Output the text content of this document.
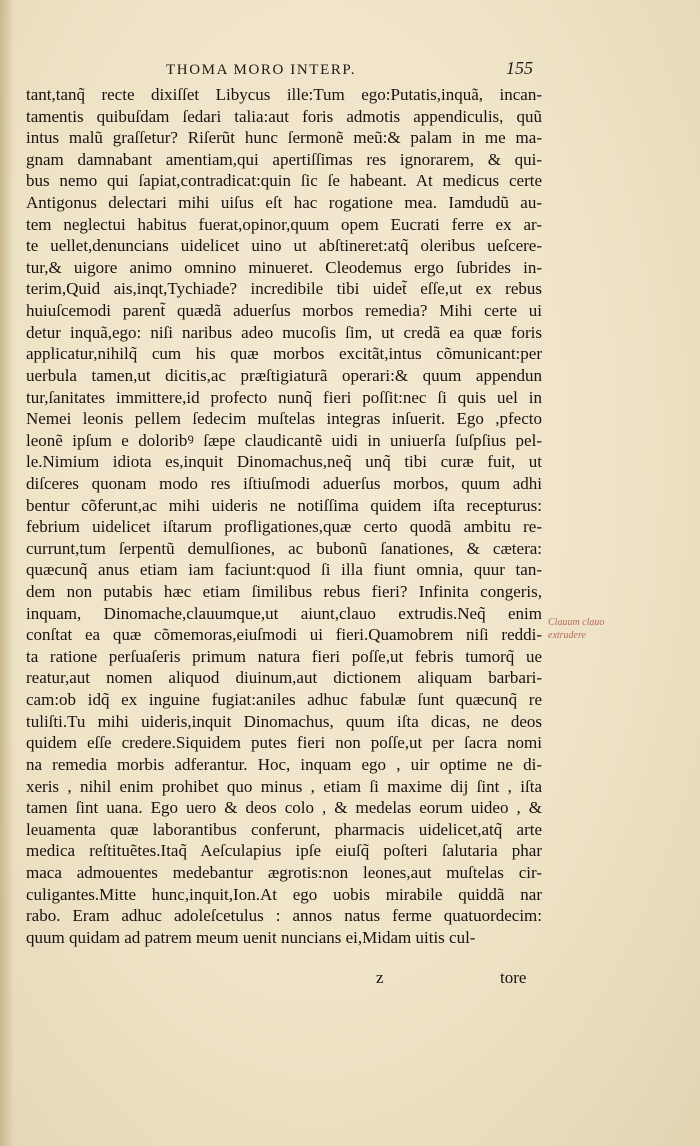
THOMA MORO INTERP.	155
tant,tanq̃ recte dixiſſet Libycus ille:Tum ego:Putatis,inquã, incan-
tamentis quibuſdam ſedari talia:aut foris admotis appendiculis, quũ
intus malũ graſſetur? Riſerũt hunc ſermonẽ meũ:& palam in me ma-
gnam damnabant amentiam,qui apertiſſimas res ignorarem, & qui-
bus nemo qui ſapiat,contradicat:quin ſic ſe habeant. At medicus certe
Antigonus delectari mihi uiſus eſt hac rogatione mea. Iamdudũ au-
tem neglectui habitus fuerat,opinor,quum opem Eucrati ferre ex ar-
te uellet,denuncians uidelicet uino ut abſtineret:atq̃ oleribus ueſcere-
tur,& uigore animo omnino minueret. Cleodemus ergo ſubrides in-
terim,Quid ais,inqt,Tychiade? incredibile tibi uidet̃ eſſe,ut ex rebus
huiuſcemodi parent̃ quædã aduerſus morbos remedia? Mihi certe ui
detur inquã,ego: niſi naribus adeo mucoſis ſim, ut credã ea quæ foris
applicatur,nihilq̃ cum his quæ morbos excitãt,intus cõmunicant:per
uerbula tamen,ut dicitis,ac præſtigiaturã operari:& quum appendun
tur,ſanitates immittere,id profecto nunq̃ fieri poſſit:nec ſi quis uel in
Nemei leonis pellem ſedecim muſtelas integras inſuerit. Ego ,pfecto
leonẽ ipſum e doloribꝰ ſæpe claudicantẽ uidi in uniuerſa ſuſpſius pel-
le.Nimium idiota es,inquit Dinomachus,neq̃ unq̃ tibi curæ fuit, ut
diſceres quonam modo res iſtiuſmodi aduerſus morbos, quum adhi
bentur cõferunt,ac mihi uideris ne notiſſima quidem iſta recepturus:
febrium uidelicet iſtarum profligationes,quæ certo quodã ambitu re-
currunt,tum ſerpentũ demulſiones, ac bubonũ ſanationes, & cætera:
quæcunq̃ anus etiam iam faciunt:quod ſi illa fiunt omnia, quur tan-
dem non putabis hæc etiam ſimilibus rebus fieri? Infinita congeris,
inquam, Dinomache,clauumque,ut aiunt,clauo extrudis.Neq̃ enim
conſtat ea quæ cõmemoras,eiuſmodi ui fieri.Quamobrem niſi reddi-
ta ratione perſuaſeris primum natura fieri poſſe,ut febris tumorq̃ ue
reatur,aut nomen aliquod diuinum,aut dictionem aliquam barbari-
cam:ob idq̃ ex inguine fugiat:aniles adhuc fabulæ ſunt quæcunq̃ re
tuliſti.Tu mihi uideris,inquit Dinomachus, quum iſta dicas, ne deos
quidem eſſe credere.Siquidem putes fieri non poſſe,ut per ſacra nomi
na remedia morbis adferantur. Hoc, inquam ego , uir optime ne di-
xeris , nihil enim prohibet quo minus , etiam ſi maxime dij ſint , iſta
tamen ſint uana. Ego uero & deos colo , & medelas eorum uideo , &
leuamenta quæ laborantibus conferunt, pharmacis uidelicet,atq̃ arte
medica reſtituẽtes.Itaq̃ Aeſculapius ipſe eiuſq̃ poſteri ſalutaria phar
maca admouentes medebantur ægrotis:non leones,aut muſtelas cir-
culigantes.Mitte hunc,inquit,Ion.At ego uobis mirabile quiddã nar
rabo. Eram adhuc adoleſcetulus : annos natus ferme quatuordecim:
quum quidam ad patrem meum uenit nuncians ei,Midam uitis cul-
Clauum clauo
extrudere
z	tore
